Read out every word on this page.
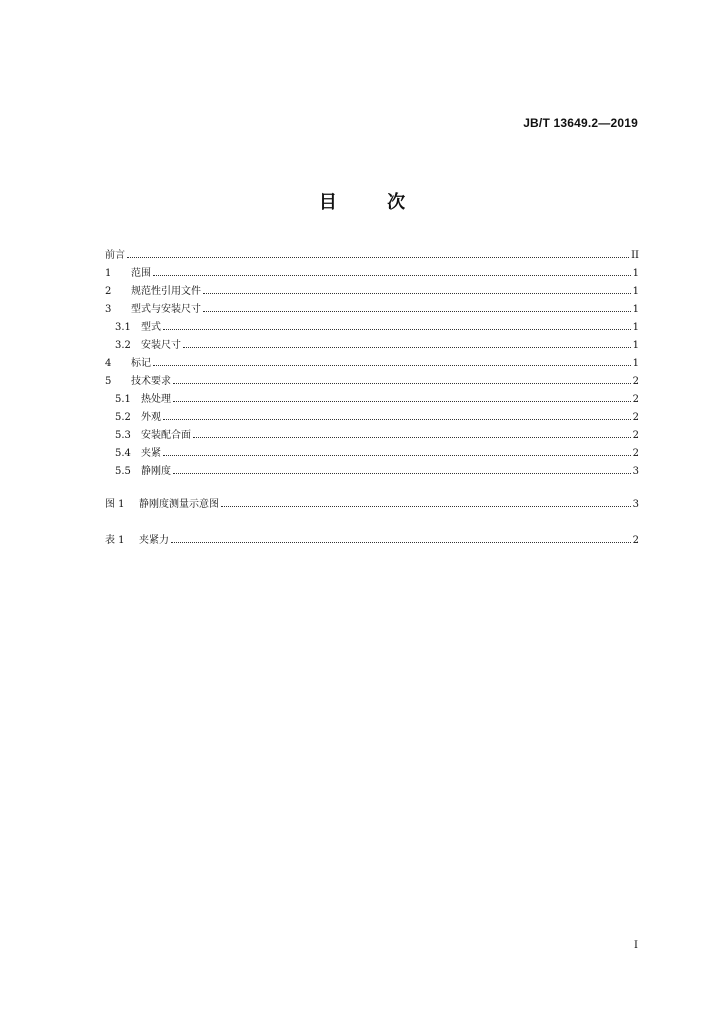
JB/T 13649.2—2019
目	次
前言	II
1	范围	1
2	规范性引用文件	1
3	型式与安装尺寸	1
3.1	型式	1
3.2	安装尺寸	1
4	标记	1
5	技术要求	2
5.1	热处理	2
5.2	外观	2
5.3	安装配合面	2
5.4	夹紧	2
5.5	静刚度	3
图 1	静刚度测量示意图	3
表 1	夹紧力	2
I
